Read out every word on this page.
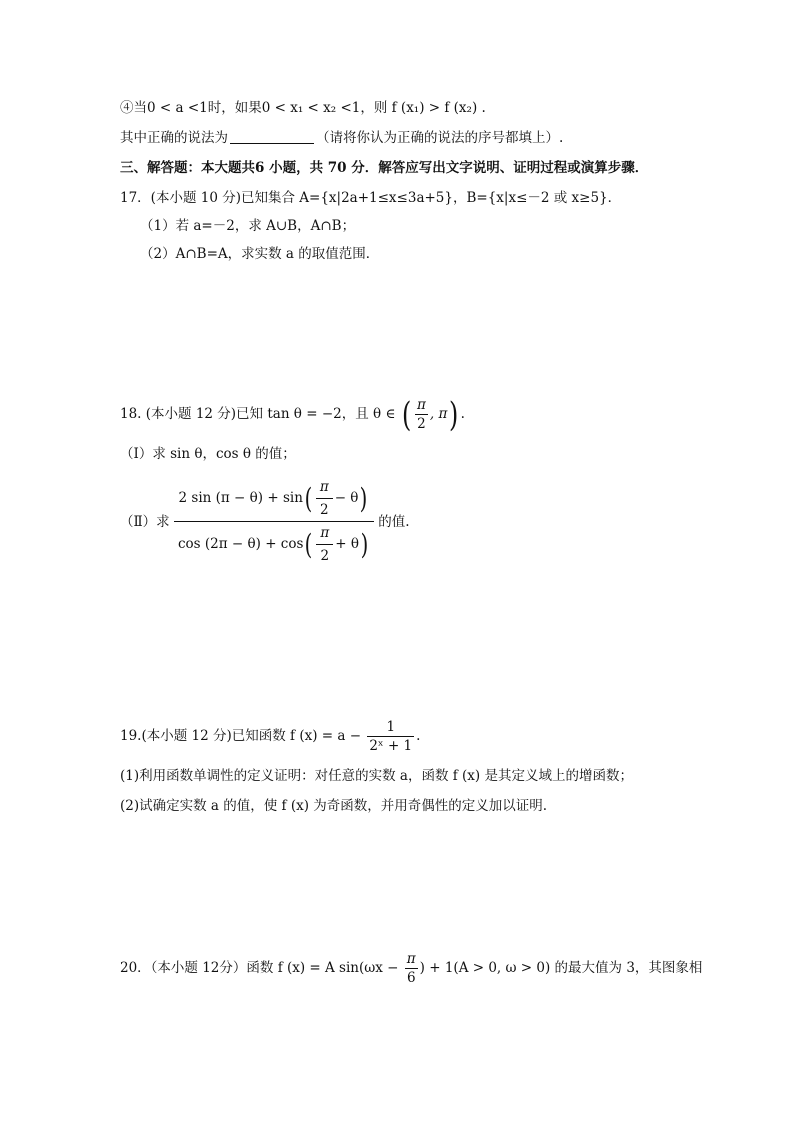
④当0 < a <1时，如果0 < x₁ < x₂ <1，则 f (x₁) > f (x₂) .
其中正确的说法为	（请将你认为正确的说法的序号都填上）.
三、解答题：本大题共6 小题，共 70 分．解答应写出文字说明、证明过程或演算步骤．
17．(本小题 10 分)已知集合 A={x|2a+1≤x≤3a+5}，B={x|x≤－2 或 x≥5}．
（1）若 a=－2，求 A∪B，A∩B；
（2）A∩B=A，求实数 a 的取值范围．
18. (本小题 12 分)已知 tan θ = −2，且 θ ∈ ( $\frac{\pi}{2}$ , π) .
（Ⅰ）求 sin θ，cos θ 的值；
（Ⅱ）求 $\frac{2 \sin (\pi - \theta) + \sin( \frac{\pi}{2} - \theta)}{\cos (2\pi - \theta) + \cos( \frac{\pi}{2} + \theta)}$ 的值.
19.(本小题 12 分)已知函数 f $(x) = a - \frac{1}{\text{2ˣ + 1}}$ .
(1)利用函数单调性的定义证明：对任意的实数 a，函数 f (x) 是其定义域上的增函数；
(2)试确定实数 a 的值，使 f (x) 为奇函数，并用奇偶性的定义加以证明.
20．（本小题 12分）函数 f (x) = A $\sin(\omega x - \frac{\pi}{6}$ ) + 1(A > 0, ω > 0) 的最大值为 3，其图象相
